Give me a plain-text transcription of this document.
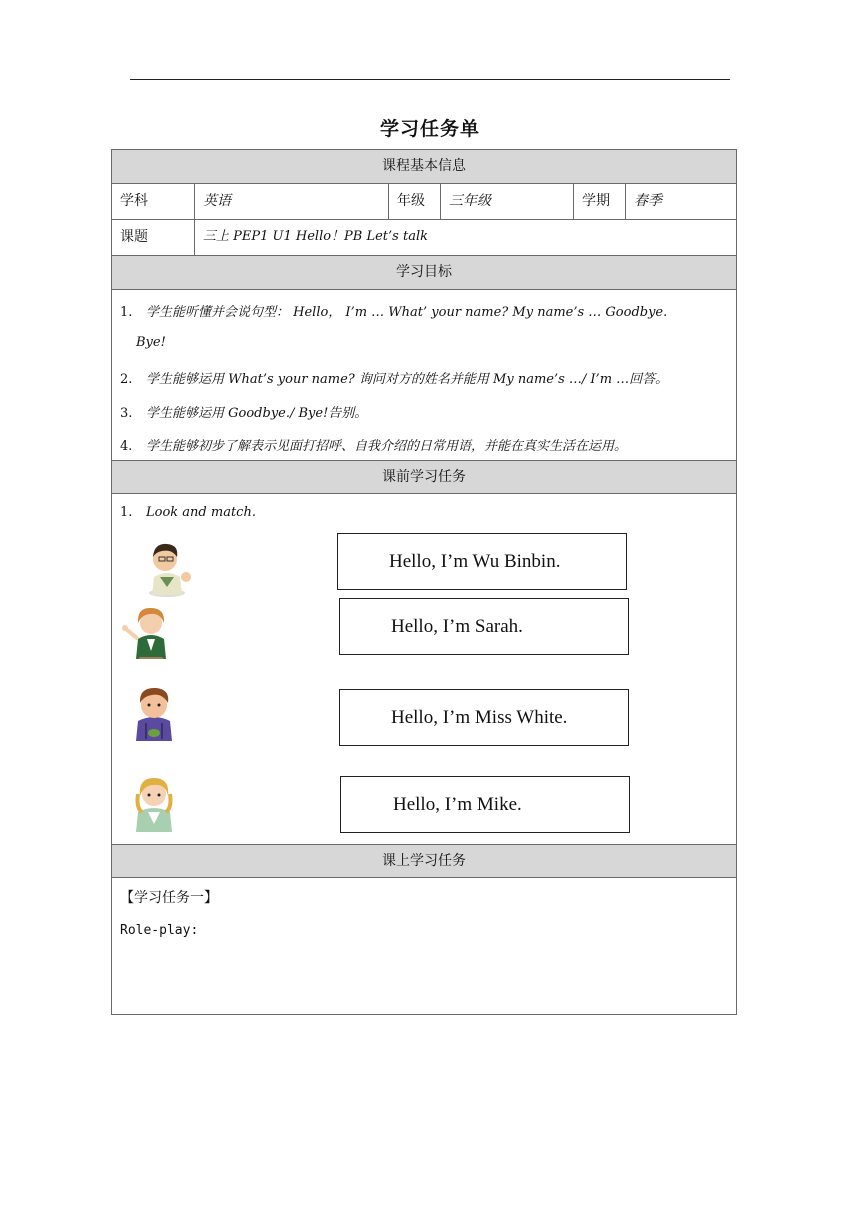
学习任务单
课程基本信息
学科	英语	年级	三年级	学期	春季
课题	三上 PEP1 U1 Hello！PB Let’s talk
学习目标
1. 学生能听懂并会说句型： Hello， I’m … What’ your name? My name’s … Goodbye.
Bye!
2. 学生能够运用 What’s your name? 询问对方的姓名并能用 My name’s …/ I’m …回答。
3. 学生能够运用 Goodbye./ Bye!告别。
4. 学生能够初步了解表示见面打招呼、自我介绍的日常用语，并能在真实生活在运用。
课前学习任务
1. Look and match.
Hello, I’m Wu Binbin.
Hello, I’m Sarah.
Hello, I’m Miss White.
Hello, I’m Mike.
课上学习任务
【学习任务一】
Role-play:
